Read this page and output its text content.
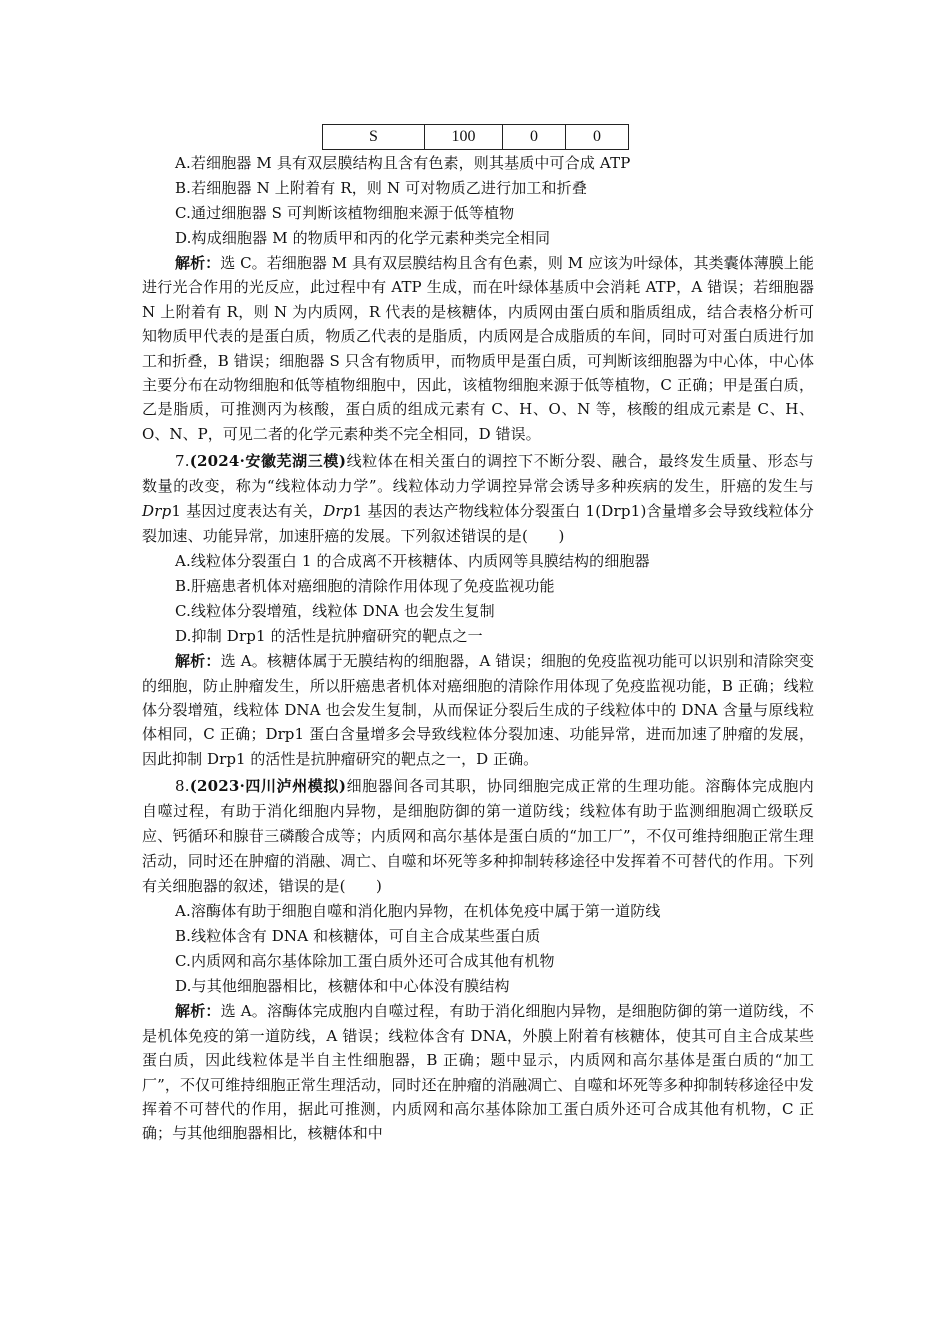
S	100	0	0
A.若细胞器 M 具有双层膜结构且含有色素，则其基质中可合成 ATP
B.若细胞器 N 上附着有 R，则 N 可对物质乙进行加工和折叠
C.通过细胞器 S 可判断该植物细胞来源于低等植物
D.构成细胞器 M 的物质甲和丙的化学元素种类完全相同
解析：选 C。若细胞器 M 具有双层膜结构且含有色素，则 M 应该为叶绿体，其类囊体薄膜上能进行光合作用的光反应，此过程中有 ATP 生成，而在叶绿体基质中会消耗 ATP，A 错误；若细胞器 N 上附着有 R，则 N 为内质网，R 代表的是核糖体，内质网由蛋白质和脂质组成，结合表格分析可知物质甲代表的是蛋白质，物质乙代表的是脂质，内质网是合成脂质的车间，同时可对蛋白质进行加工和折叠，B 错误；细胞器 S 只含有物质甲，而物质甲是蛋白质，可判断该细胞器为中心体，中心体主要分布在动物细胞和低等植物细胞中，因此，该植物细胞来源于低等植物，C 正确；甲是蛋白质，乙是脂质，可推测丙为核酸，蛋白质的组成元素有 C、H、O、N 等，核酸的组成元素是 C、H、O、N、P，可见二者的化学元素种类不完全相同，D 错误。
7.(2024·安徽芜湖三模)线粒体在相关蛋白的调控下不断分裂、融合，最终发生质量、形态与数量的改变，称为“线粒体动力学”。线粒体动力学调控异常会诱导多种疾病的发生，肝癌的发生与 Drp1 基因过度表达有关，Drp1 基因的表达产物线粒体分裂蛋白 1(Drp1)含量增多会导致线粒体分裂加速、功能异常，加速肝癌的发展。下列叙述错误的是(　　)
A.线粒体分裂蛋白 1 的合成离不开核糖体、内质网等具膜结构的细胞器
B.肝癌患者机体对癌细胞的清除作用体现了免疫监视功能
C.线粒体分裂增殖，线粒体 DNA 也会发生复制
D.抑制 Drp1 的活性是抗肿瘤研究的靶点之一
解析：选 A。核糖体属于无膜结构的细胞器，A 错误；细胞的免疫监视功能可以识别和清除突变的细胞，防止肿瘤发生，所以肝癌患者机体对癌细胞的清除作用体现了免疫监视功能，B 正确；线粒体分裂增殖，线粒体 DNA 也会发生复制，从而保证分裂后生成的子线粒体中的 DNA 含量与原线粒体相同，C 正确；Drp1 蛋白含量增多会导致线粒体分裂加速、功能异常，进而加速了肿瘤的发展，因此抑制 Drp1 的活性是抗肿瘤研究的靶点之一，D 正确。
8.(2023·四川泸州模拟)细胞器间各司其职，协同细胞完成正常的生理功能。溶酶体完成胞内自噬过程，有助于消化细胞内异物，是细胞防御的第一道防线；线粒体有助于监测细胞凋亡级联反应、钙循环和腺苷三磷酸合成等；内质网和高尔基体是蛋白质的“加工厂”，不仅可维持细胞正常生理活动，同时还在肿瘤的消融、凋亡、自噬和坏死等多种抑制转移途径中发挥着不可替代的作用。下列有关细胞器的叙述，错误的是(　　)
A.溶酶体有助于细胞自噬和消化胞内异物，在机体免疫中属于第一道防线
B.线粒体含有 DNA 和核糖体，可自主合成某些蛋白质
C.内质网和高尔基体除加工蛋白质外还可合成其他有机物
D.与其他细胞器相比，核糖体和中心体没有膜结构
解析：选 A。溶酶体完成胞内自噬过程，有助于消化细胞内异物，是细胞防御的第一道防线，不是机体免疫的第一道防线，A 错误；线粒体含有 DNA，外膜上附着有核糖体，使其可自主合成某些蛋白质，因此线粒体是半自主性细胞器，B 正确；题中显示，内质网和高尔基体是蛋白质的“加工厂”，不仅可维持细胞正常生理活动，同时还在肿瘤的消融凋亡、自噬和坏死等多种抑制转移途径中发挥着不可替代的作用，据此可推测，内质网和高尔基体除加工蛋白质外还可合成其他有机物，C 正确；与其他细胞器相比，核糖体和中
